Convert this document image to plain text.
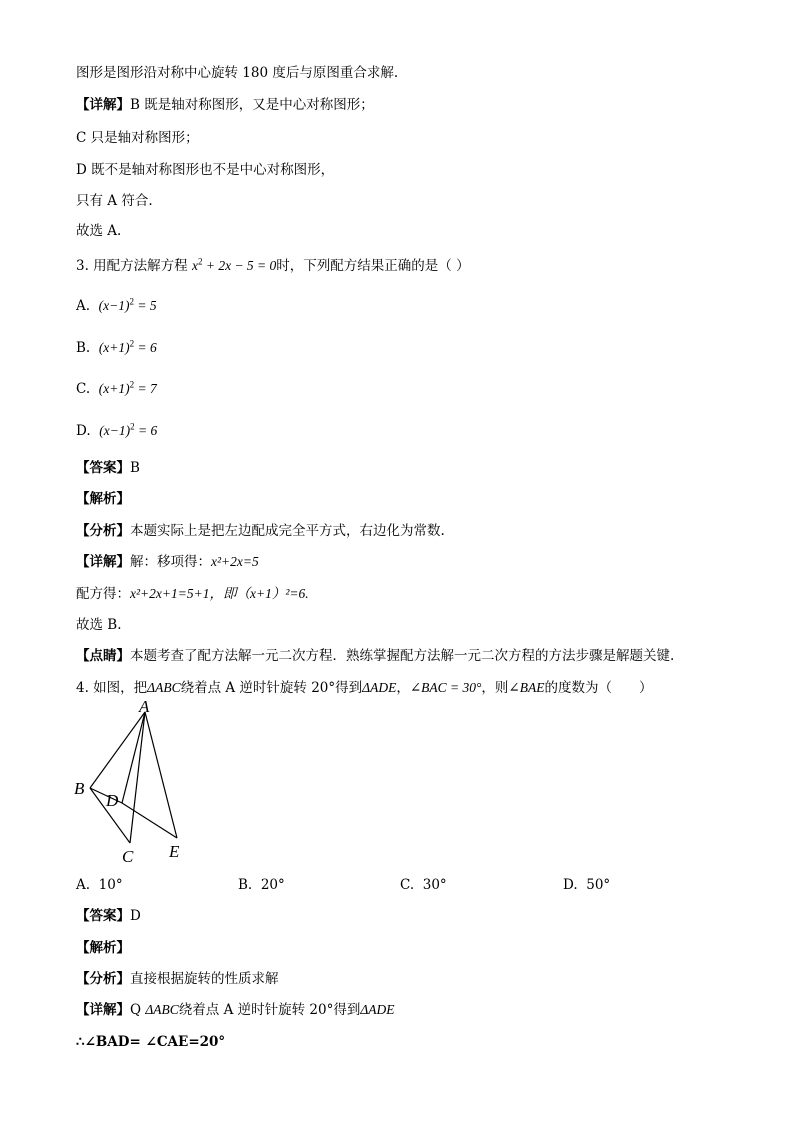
图形是图形沿对称中心旋转 180 度后与原图重合求解.
【详解】B 既是轴对称图形，又是中心对称图形；
C 只是轴对称图形；
D 既不是轴对称图形也不是中心对称图形，
只有 A 符合.
故选 A.
3. 用配方法解方程 $x^2 + 2x - 5 = 0$时，下列配方结果正确的是（ ）
A. $(x-1)^2 = 5$
B. $(x+1)^2 = 6$
C. $(x+1)^2 = 7$
D. $(x-1)^2 = 6$
【答案】B
【解析】
【分析】本题实际上是把左边配成完全平方式，右边化为常数.
【详解】解：移项得：x²+2x=5
配方得：x²+2x+1=5+1，即（x+1）²=6.
故选 B.
【点睛】本题考查了配方法解一元二次方程．熟练掌握配方法解一元二次方程的方法步骤是解题关键.
4. 如图，把ΔABC绕着点 A 逆时针旋转 20°得到ΔADE，∠BAC = 30°，则∠BAE的度数为（　　）
A
B
C
D
E
A. 10°	B. 20°	C. 30°	D. 50°
【答案】D
【解析】
【分析】直接根据旋转的性质求解
【详解】Q ΔABC绕着点 A 逆时针旋转 20°得到ΔADE
∴∠BAD= ∠CAE=20°
